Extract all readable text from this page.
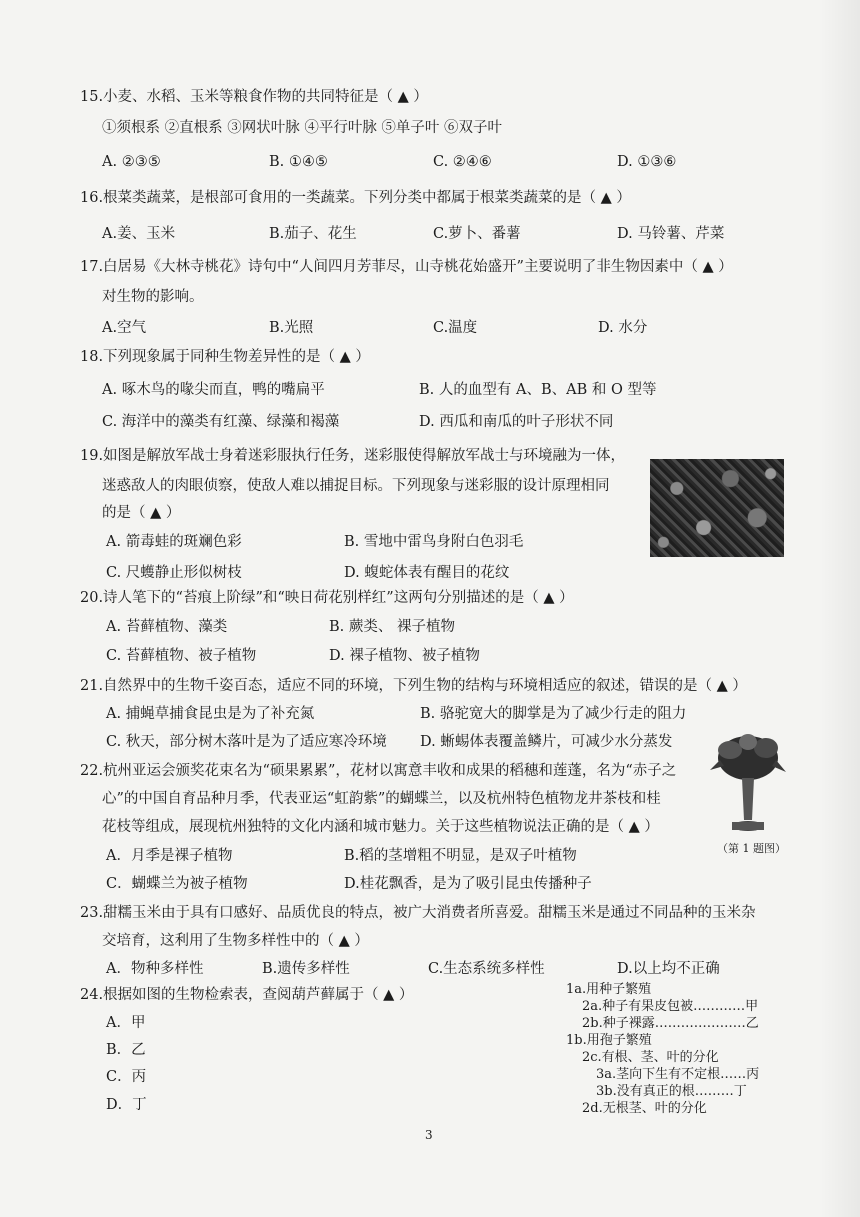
15.小麦、水稻、玉米等粮食作物的共同特征是（ ▲ ）
①须根系 ②直根系 ③网状叶脉 ④平行叶脉 ⑤单子叶 ⑥双子叶
A. ②③⑤	B. ①④⑤	C. ②④⑥	D. ①③⑥
16.根菜类蔬菜，是根部可食用的一类蔬菜。下列分类中都属于根菜类蔬菜的是（ ▲ ）
A.姜、玉米	B.茄子、花生	C.萝卜、番薯	D. 马铃薯、芹菜
17.白居易《大林寺桃花》诗句中“人间四月芳菲尽，山寺桃花始盛开”主要说明了非生物因素中（ ▲ ）
对生物的影响。
A.空气	B.光照	C.温度	D. 水分
18.下列现象属于同种生物差异性的是（ ▲ ）
A. 啄木鸟的喙尖而直，鸭的嘴扁平	B. 人的血型有 A、B、AB 和 O 型等
C. 海洋中的藻类有红藻、绿藻和褐藻	D. 西瓜和南瓜的叶子形状不同
19.如图是解放军战士身着迷彩服执行任务，迷彩服使得解放军战士与环境融为一体，
迷惑敌人的肉眼侦察，使敌人难以捕捉目标。下列现象与迷彩服的设计原理相同
的是（ ▲ ）
A. 箭毒蛙的斑斓色彩	B. 雪地中雷鸟身附白色羽毛
C. 尺蠖静止形似树枝	D. 蝮蛇体表有醒目的花纹
20.诗人笔下的“苔痕上阶绿”和“映日荷花别样红”这两句分别描述的是（ ▲ ）
A. 苔藓植物、藻类	B. 蕨类、 裸子植物
C. 苔藓植物、被子植物	D. 裸子植物、被子植物
21.自然界中的生物千姿百态，适应不同的环境，下列生物的结构与环境相适应的叙述，错误的是（ ▲ ）
A. 捕蝇草捕食昆虫是为了补充氮	B. 骆驼宽大的脚掌是为了减少行走的阻力
C. 秋天，部分树木落叶是为了适应寒冷环境 D. 蜥蜴体表覆盖鳞片，可减少水分蒸发
22.杭州亚运会颁奖花束名为“硕果累累”，花材以寓意丰收和成果的稻穗和莲蓬，名为“赤子之
心”的中国自育品种月季，代表亚运“虹韵紫”的蝴蝶兰，以及杭州特色植物龙井茶枝和桂
花枝等组成，展现杭州独特的文化内涵和城市魅力。关于这些植物说法正确的是（ ▲ ）
A．月季是裸子植物	B.稻的茎增粗不明显，是双子叶植物
C．蝴蝶兰为被子植物	D.桂花飘香，是为了吸引昆虫传播种子
（第 1 题图）
23.甜糯玉米由于具有口感好、品质优良的特点，被广大消费者所喜爱。甜糯玉米是通过不同品种的玉米杂
交培育，这利用了生物多样性中的（ ▲ ）
A．物种多样性	B.遗传多样性	C.生态系统多样性	D.以上均不正确
24.根据如图的生物检索表，查阅葫芦藓属于（ ▲ ）
A．甲
B．乙
C．丙
D．丁
1a.用种子繁殖
2a.种子有果皮包被…………甲
2b.种子裸露…………………乙
1b.用孢子繁殖
2c.有根、茎、叶的分化
3a.茎向下生有不定根……丙
3b.没有真正的根………丁
2d.无根茎、叶的分化
3
